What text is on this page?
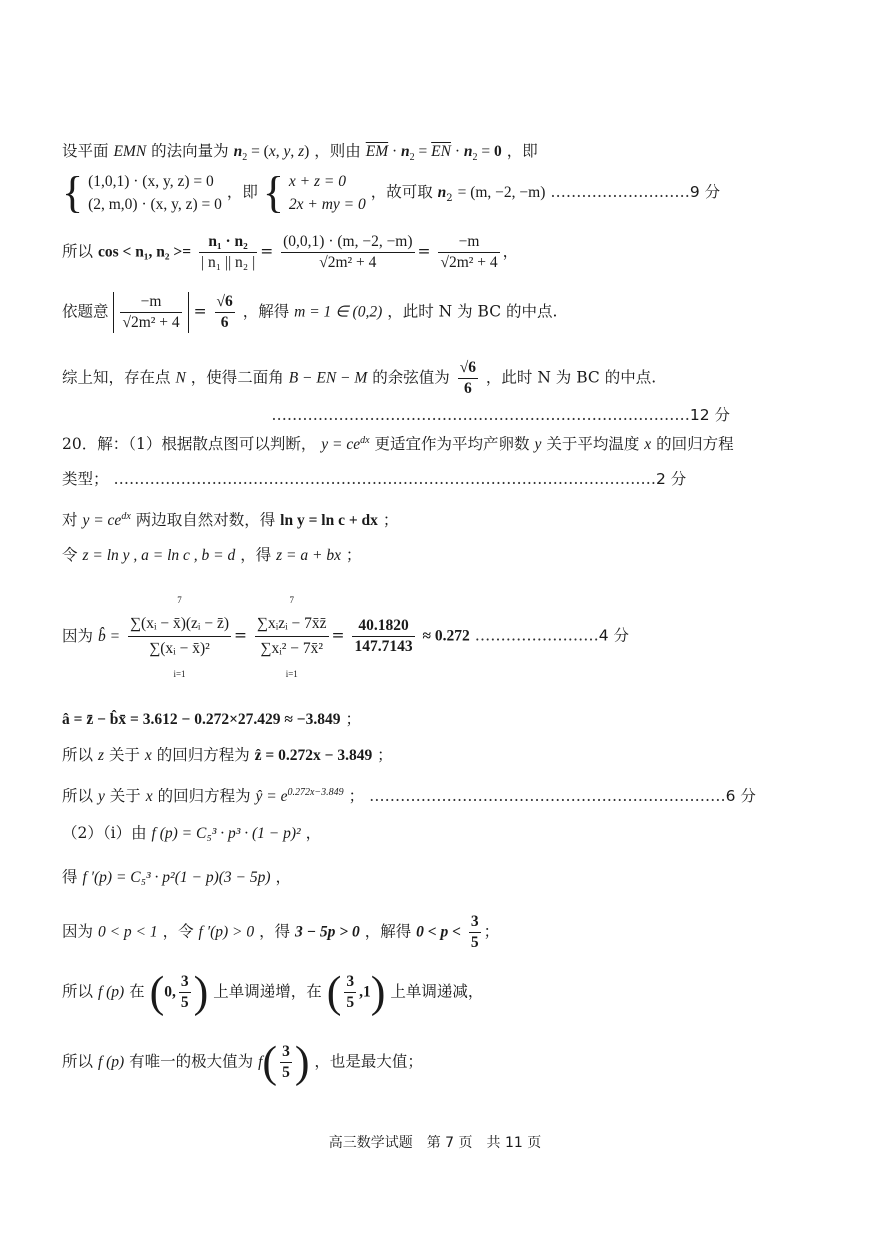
设平面 EMN 的法向量为 $n_2 = (x$, y, z) ，则由 $\overline{EM} \cdot n_2 = \overline{EN} \cdot n_2 = 0$ ，即
{ (1,0,1) · (x, y, z) = 0
(2, m,0) · (x, y, z) = 0
，即 { x + z = 0
2x + my = 0
，故可取 $n_2 = (m$, −2, −m) ………………………9 分
所以 cos < n₁, $n_2 >= \frac{\text{n₁ · n₂}}{\text{| n₁ || n₂ |}} = \frac{(0,0,1) \cdot (m, -2, -m)}{\text{√2m² + 4}} = \frac{-m}{\text{√2m² + 4}}$ ，
依题意 $\frac{-m}{\text{√2m² + 4}} = \frac{√6}{6}$ ，解得 m = 1 ∈ (0,2) ，此时 N 为 BC 的中点.
综上知，存在点 N ，使得二面角 B − EN − M 的余弦值为 $\frac{√6}{6}$ ，此时 N 为 BC 的中点.
………………………………………………………………………12 分
20．解：（1）根据散点图可以判断， $y = ce^{dx}$ 更适宜作为平均产卵数 y 关于平均温度 x 的回归方程
类型； ……………………………………………………………………………………………2 分
对 $y = ce^{dx}$ 两边取自然对数，得 ln y = ln c + dx ；
令 z = ln y , a = ln c , b = d ，得 z = a + bx ；
因为 b̂ =
7
∑(xᵢ − x̄)(zᵢ − z̄)
∑(xᵢ − x̄)²
i=1
=
7
∑xᵢzᵢ − 7x̄z̄
∑xᵢ² − 7x̄²
i=1
= $\frac{40.1820}{147.7143} \approx 0.272$ ……………………4 分
â = z̄ − b̂x̄ = 3.612 − 0.272×27.429 ≈ −3.849 ；
所以 z 关于 x 的回归方程为 ẑ = 0.272x − 3.849 ；
所以 y 关于 x 的回归方程为 ŷ = $e^{0.272x-3.849}$ ； ……………………………………………………………6 分
（2）（i）由 f (p) = C₅³ · p³ · (1 − p)² ，
得 f ′(p) = C₅³ · p²(1 − p)(3 − 5p) ，
因为 0 < p < 1 ，令 f ′(p) > 0 ，得 3 − 5p > 0 ，解得 $0 < p < \frac{3}{5}$ ；
所以 f (p) 在 (0, $\frac{3}{5}$ ) 上单调递增，在 ( $\frac{3}{5} ,1$) 上单调递减，
所以 f (p) 有唯一的极大值为 $f( \frac{3}{5}$ ) ，也是最大值；
高三数学试题　第 7 页　共 11 页
